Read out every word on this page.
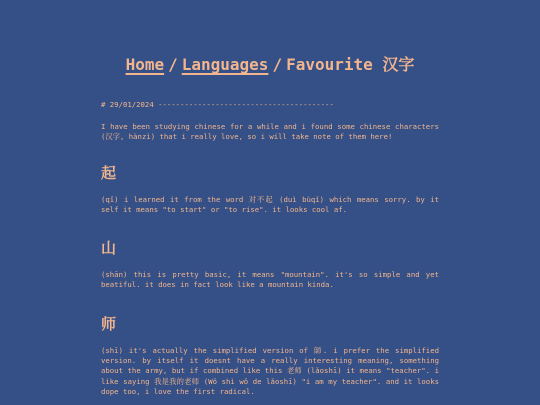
Home / Languages / Favourite 汉字
# 29/01/2024 ----------------------------------------

I have been studying chinese for a while and i found some chinese characters (汉字, hànzì) that i really love, so i will take note of them here!

起

(qǐ) i learned it from the word 对不起 (duì bùqǐ) which means sorry. by it self it means "to start" or "to rise". it looks cool af.

山

(shān) this is pretty basic, it means "mountain". it's so simple and yet beatiful. it does in fact look like a mountain kinda.

师

(shī) it's actually the simplified version of 師. i prefer the simplified version. by itself it doesnt have a really interesting meaning, something about the army, but if combined like this 老师 (lǎoshī) it means "teacher". i like saying 我是我的老师 (Wǒ shì wǒ de lǎoshī) "i am my teacher". and it looks dope too, i love the first radical.
